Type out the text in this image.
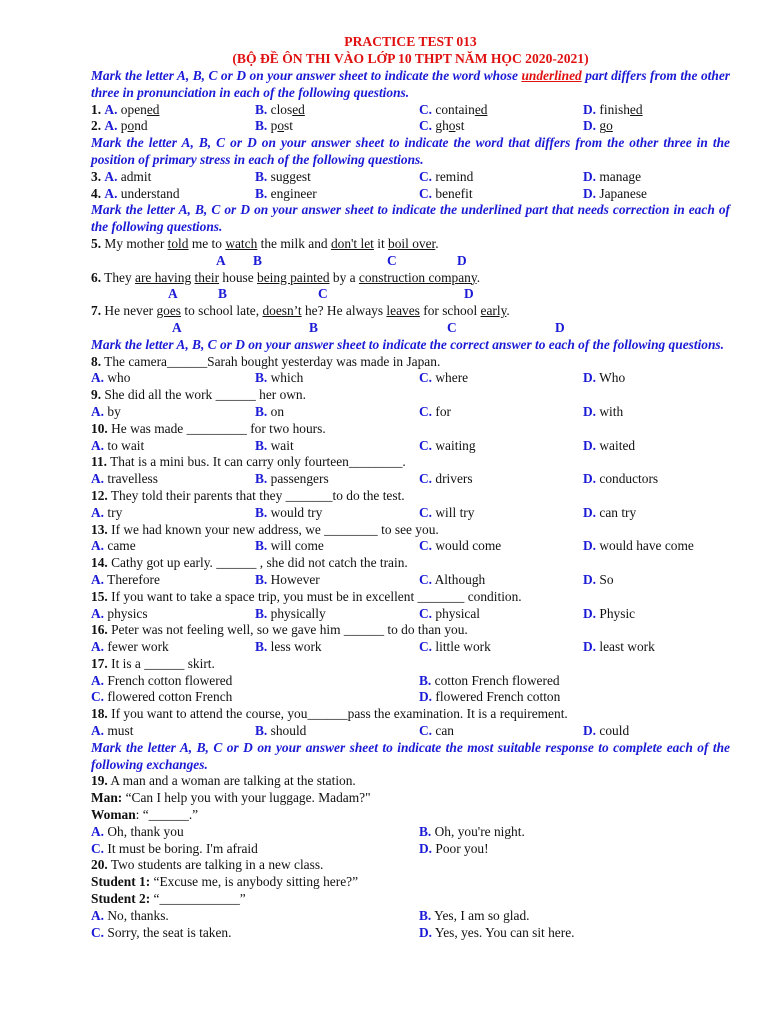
PRACTICE TEST 013
(BỘ ĐỀ ÔN THI VÀO LỚP 10 THPT NĂM HỌC 2020-2021)

Mark the letter A, B, C or D on your answer sheet to indicate the word whose underlined part differs from the other three in pronunciation in each of the following questions.

1. A. opened	B. closed	C. contained	D. finished
2. A. pond	B. post	C. ghost	D. go

Mark the letter A, B, C or D on your answer sheet to indicate the word that differs from the other three in the position of primary stress in each of the following questions.

3. A. admit	B. suggest	C. remind	D. manage
4. A. understand	B. engineer	C. benefit	D. Japanese

Mark the letter A, B, C or D on your answer sheet to indicate the underlined part that needs correction in each of the following questions.

5. My mother told me to watch the milk and don't let it boil over.
A B	C	D
6. They are having their house being painted by a construction company.
A	B	C	D
7. He never goes to school late, doesn’t he? He always leaves for school early.
A	B	C	D

Mark the letter A, B, C or D on your answer sheet to indicate the correct answer to each of the following questions.

8. The camera______Sarah bought yesterday was made in Japan.
A. who	B. which	C. where	D. Who
9. She did all the work ______ her own.
A. by	B. on	C. for	D. with
10. He was made _________ for two hours.
A. to wait	B. wait	C. waiting	D. waited
11. That is a mini bus. It can carry only fourteen________.
A. travelless	B. passengers	C. drivers	D. conductors
12. They told their parents that they _______to do the test.
A. try	B. would try	C. will try	D. can try
13. If we had known your new address, we ________ to see you.
A. came	B. will come	C. would come	D. would have come
14. Cathy got up early. ______ , she did not catch the train.
A. Therefore	B. However	C. Although	D. So
15. If you want to take a space trip, you must be in excellent _______ condition.
A. physics	B. physically	C. physical	D. Physic
16. Peter was not feeling well, so we gave him ______ to do than you.
A. fewer work	B. less work	C. little work	D. least work
17. It is a ______ skirt.
A. French cotton flowered	B. cotton French flowered
C. flowered cotton French	D. flowered French cotton
18. If you want to attend the course, you______pass the examination. It is a requirement.
A. must	B. should	C. can	D. could

Mark the letter A, B, C or D on your answer sheet to indicate the most suitable response to complete each of the following exchanges.

19. A man and a woman are talking at the station.
Man: “Can I help you with your luggage. Madam?"
Woman: “______.”
A. Oh, thank you	B. Oh, you're night.
C. It must be boring. I'm afraid	D. Poor you!
20. Two students are talking in a new class.
Student 1: “Excuse me, is anybody sitting here?”
Student 2: “____________”
A. No, thanks.	B. Yes, I am so glad.
C. Sorry, the seat is taken.	D. Yes, yes. You can sit here.
